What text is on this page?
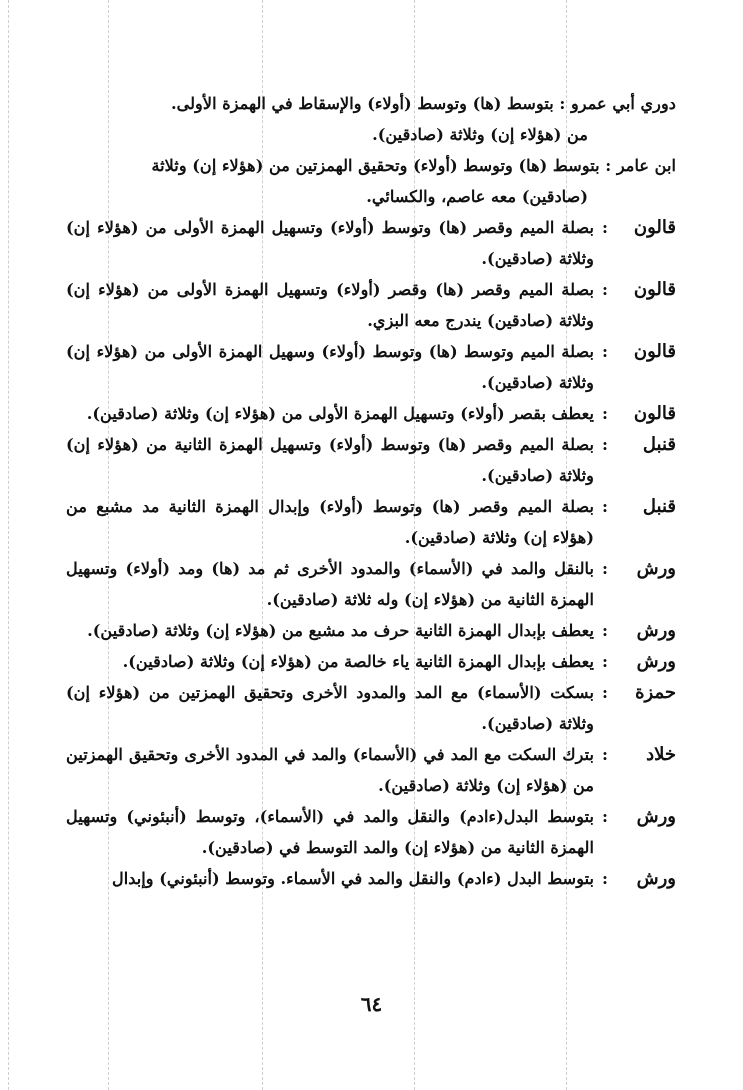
دوري أبي عمرو : بتوسط (ها) وتوسط (أولاء) والإسقاط في الهمزة الأولى.
من (هؤلاء إن) وثلاثة (صادقين).
ابن عامر : بتوسط (ها) وتوسط (أولاء) وتحقيق الهمزتين من (هؤلاء إن) وثلاثة
(صادقين) معه عاصم، والكسائي.
قالون
:
بصلة الميم وقصر (ها) وتوسط (أولاء) وتسهيل الهمزة الأولى من (هؤلاء إن) وثلاثة (صادقين).
قالون
:
بصلة الميم وقصر (ها) وقصر (أولاء) وتسهيل الهمزة الأولى من (هؤلاء إن) وثلاثة (صادقين) يندرج معه البزي.
قالون
:
بصلة الميم وتوسط (ها) وتوسط (أولاء) وسهيل الهمزة الأولى من (هؤلاء إن) وثلاثة (صادقين).
قالون
:
يعطف بقصر (أولاء) وتسهيل الهمزة الأولى من (هؤلاء إن) وثلاثة (صادقين).
قنبل
:
بصلة الميم وقصر (ها) وتوسط (أولاء) وتسهيل الهمزة الثانية من (هؤلاء إن) وثلاثة (صادقين).
قنبل
:
بصلة الميم وقصر (ها) وتوسط (أولاء) وإبدال الهمزة الثانية مد مشبع من (هؤلاء إن) وثلاثة (صادقين).
ورش
:
بالنقل والمد في (الأسماء) والمدود الأخرى ثم مد (ها) ومد (أولاء) وتسهيل الهمزة الثانية من (هؤلاء إن) وله ثلاثة (صادقين).
ورش
:
يعطف بإبدال الهمزة الثانية حرف مد مشبع من (هؤلاء إن) وثلاثة (صادقين).
ورش
:
يعطف بإبدال الهمزة الثانية ياء خالصة من (هؤلاء إن) وثلاثة (صادقين).
حمزة
:
بسكت (الأسماء) مع المد والمدود الأخرى وتحقيق الهمزتين من (هؤلاء إن) وثلاثة (صادقين).
خلاد
:
بترك السكت مع المد في (الأسماء) والمد في المدود الأخرى وتحقيق الهمزتين من (هؤلاء إن) وثلاثة (صادقين).
ورش
:
بتوسط البدل(ءادم) والنقل والمد في (الأسماء)، وتوسط (أنبئوني) وتسهيل الهمزة الثانية من (هؤلاء إن) والمد التوسط في (صادقين).
ورش
:
بتوسط البدل (ءادم) والنقل والمد في الأسماء. وتوسط (أنبئوني) وإبدال
٦٤
